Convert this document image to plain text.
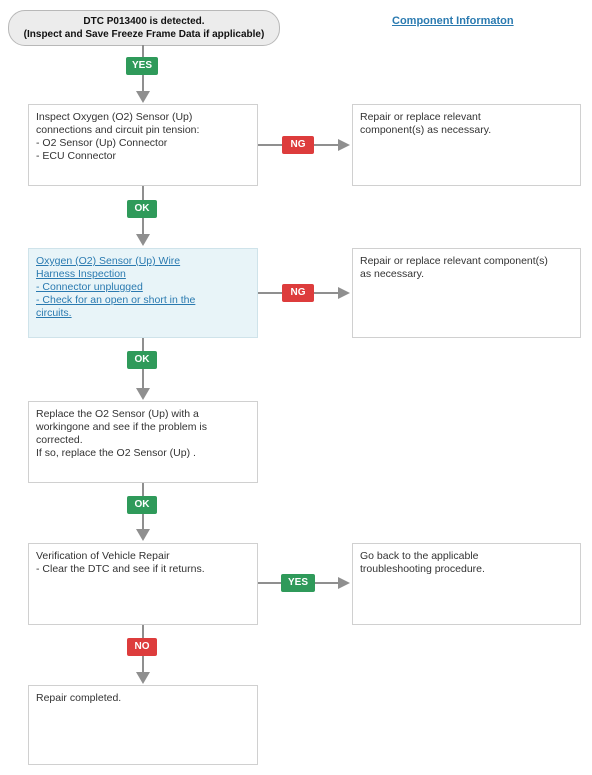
DTC P013400 is detected.
(Inspect and Save Freeze Frame Data if applicable)
Component Informaton
YES
Inspect Oxygen (O2) Sensor (Up)
connections and circuit pin tension:
- O2 Sensor (Up) Connector
- ECU Connector
NG
Repair or replace relevant
component(s) as necessary.
OK
Oxygen (O2) Sensor (Up) Wire
Harness Inspection
- Connector unplugged
- Check for an open or short in the
circuits.
NG
Repair or replace relevant component(s)
as necessary.
OK
Replace the O2 Sensor (Up) with a
workingone and see if the problem is
corrected.
If so, replace the O2 Sensor (Up) .
OK
Verification of Vehicle Repair
- Clear the DTC and see if it returns.
YES
Go back to the applicable
troubleshooting procedure.
NO
Repair completed.
